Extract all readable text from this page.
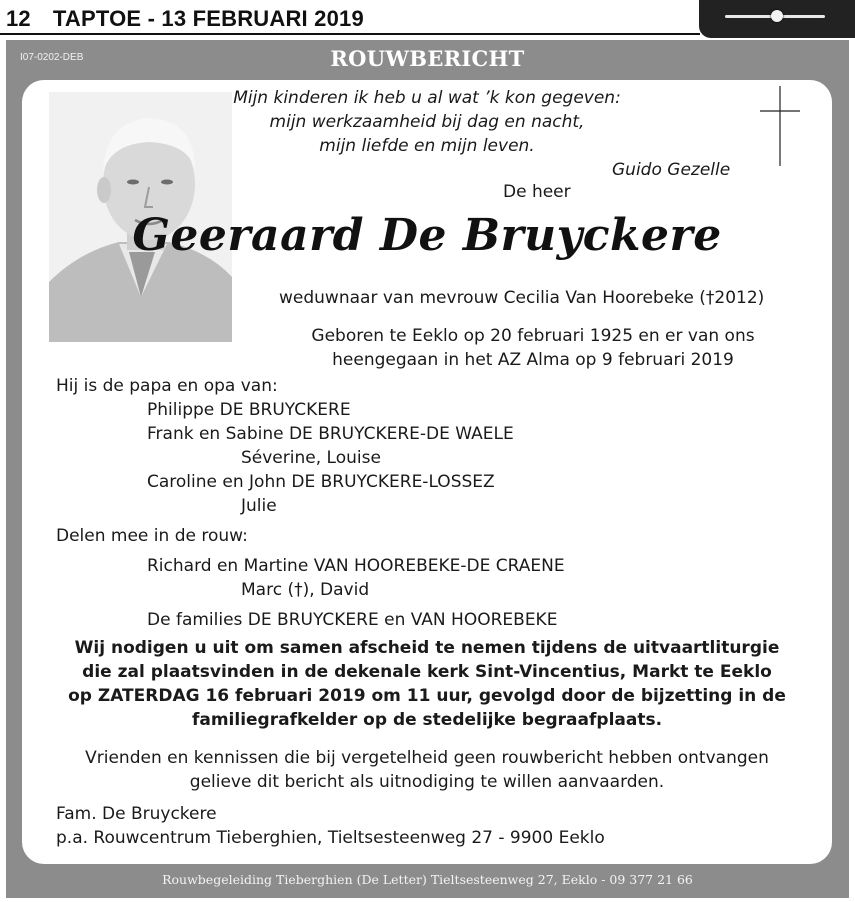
12 TAPTOE - 13 FEBRUARI 2019
I07-0202-DEB	ROUWBERICHT
Mijn kinderen ik heb u al wat ’k kon gegeven:
mijn werkzaamheid bij dag en nacht,
mijn liefde en mijn leven.
Guido Gezelle
De heer
Geeraard De Bruyckere
weduwnaar van mevrouw Cecilia Van Hoorebeke (†2012)
Geboren te Eeklo op 20 februari 1925 en er van ons
heengegaan in het AZ Alma op 9 februari 2019
Hij is de papa en opa van:
Philippe DE BRUYCKERE
Frank en Sabine DE BRUYCKERE-DE WAELE
Séverine, Louise
Caroline en John DE BRUYCKERE-LOSSEZ
Julie
Delen mee in de rouw:
Richard en Martine VAN HOOREBEKE-DE CRAENE
Marc (†), David
De families DE BRUYCKERE en VAN HOOREBEKE
Wij nodigen u uit om samen afscheid te nemen tijdens de uitvaartliturgie
die zal plaatsvinden in de dekenale kerk Sint-Vincentius, Markt te Eeklo
op ZATERDAG 16 februari 2019 om 11 uur, gevolgd door de bijzetting in de
familiegrafkelder op de stedelijke begraafplaats.
Vrienden en kennissen die bij vergetelheid geen rouwbericht hebben ontvangen
gelieve dit bericht als uitnodiging te willen aanvaarden.
Fam. De Bruyckere
p.a. Rouwcentrum Tieberghien, Tieltsesteenweg 27 - 9900 Eeklo
Rouwbegeleiding Tieberghien (De Letter) Tieltsesteenweg 27, Eeklo - 09 377 21 66
